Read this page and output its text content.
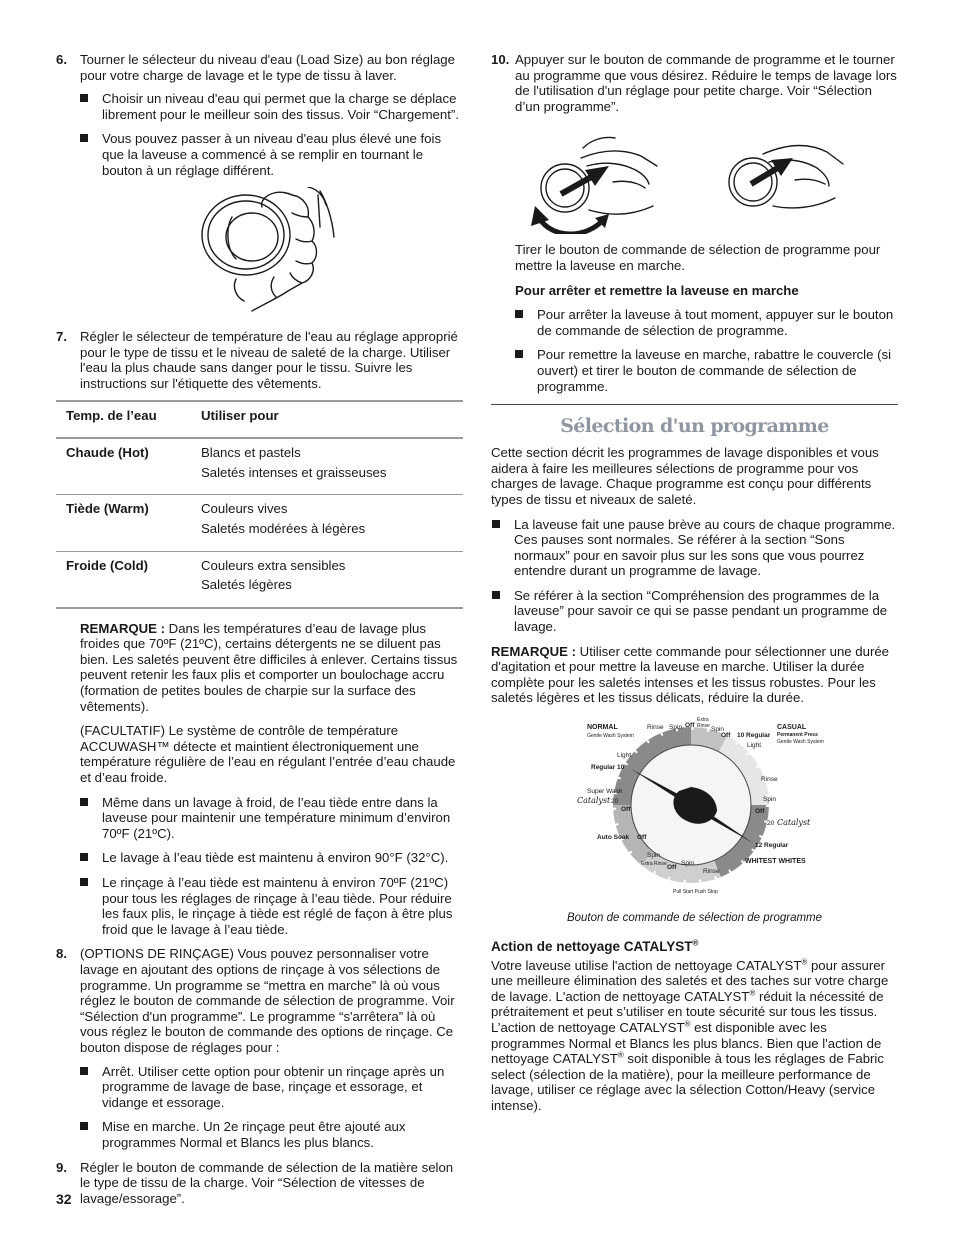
6. Tourner le sélecteur du niveau d'eau (Load Size) au bon réglage pour votre charge de lavage et le type de tissu à laver.

Choisir un niveau d'eau qui permet que la charge se déplace librement pour le meilleur soin des tissus. Voir “Chargement”.

Vous pouvez passer à un niveau d'eau plus élevé une fois que la laveuse a commencé à se remplir en tournant le bouton à un réglage différent.

7. Régler le sélecteur de température de l'eau au réglage approprié pour le type de tissu et le niveau de saleté de la charge. Utiliser l'eau la plus chaude sans danger pour le tissu. Suivre les instructions sur l'étiquette des vêtements.

Temp. de l’eau	Utiliser pour
Chaude (Hot)	Blancs et pastels
Saletés intenses et graisseuses

Tiède (Warm)	Couleurs vives
Saletés modérées à légères

Froide (Cold)	Couleurs extra sensibles
Saletés légères

REMARQUE : Dans les températures d’eau de lavage plus froides que 70ºF (21ºC), certains détergents ne se diluent pas bien. Les saletés peuvent être difficiles à enlever. Certains tissus peuvent retenir les faux plis et comporter un boulochage accru (formation de petites boules de charpie sur la surface des vêtements).

(FACULTATIF) Le système de contrôle de température ACCUWASH™ détecte et maintient électroniquement une température régulière de l’eau en régulant l’entrée d’eau chaude et d’eau froide.

Même dans un lavage à froid, de l’eau tiède entre dans la laveuse pour maintenir une température minimum d’environ 70ºF (21ºC).

Le lavage à l’eau tiède est maintenu à environ 90°F (32°C).

Le rinçage à l’eau tiède est maintenu à environ 70ºF (21ºC) pour tous les réglages de rinçage à l’eau tiède. Pour réduire les faux plis, le rinçage à tiède est réglé de façon à être plus froid que le lavage à l’eau tiède.

8. (OPTIONS DE RINÇAGE) Vous pouvez personnaliser votre lavage en ajoutant des options de rinçage à vos sélections de programme. Un programme se “mettra en marche” là où vous réglez le bouton de commande de sélection de programme. Voir “Sélection d'un programme”. Le programme “s'arrêtera” là où vous réglez le bouton de commande des options de rinçage. Ce bouton dispose de réglages pour :

Arrêt. Utiliser cette option pour obtenir un rinçage après un programme de lavage de base, rinçage et essorage, et vidange et essorage.

Mise en marche. Un 2e rinçage peut être ajouté aux programmes Normal et Blancs les plus blancs.

9. Régler le bouton de commande de sélection de la matière selon le type de tissu de la charge. Voir “Sélection de vitesses de lavage/essorage”.

10. Appuyer sur le bouton de commande de programme et le tourner au programme que vous désirez. Réduire le temps de lavage lors de l'utilisation d'un réglage pour petite charge. Voir “Sélection d’un programme”.

Tirer le bouton de commande de sélection de programme pour mettre la laveuse en marche.

Pour arrêter et remettre la laveuse en marche

Pour arrêter la laveuse à tout moment, appuyer sur le bouton de commande de sélection de programme.

Pour remettre la laveuse en marche, rabattre le couvercle (si ouvert) et tirer le bouton de commande de sélection de programme.

Sélection d'un programme

Cette section décrit les programmes de lavage disponibles et vous aidera à faire les meilleures sélections de programme pour vos charges de lavage. Chaque programme est conçu pour différents types de tissu et niveaux de saleté.

La laveuse fait une pause brève au cours de chaque programme. Ces pauses sont normales. Se référer à la section “Sons normaux” pour en savoir plus sur les sons que vous pourrez entendre durant un programme de lavage.

Se référer à la section “Compréhension des programmes de la laveuse” pour savoir ce qui se passe pendant un programme de lavage.

REMARQUE : Utiliser cette commande pour sélectionner une durée d'agitation et pour mettre la laveuse en marche. Utiliser la durée complète pour les saletés intenses et les tissus robustes. Pour les saletés légères et les tissus délicats, réduire la durée.

NORMAL
Gentle Wash System
Rinse Spin Off
Extra
Rinse Spin
Off 10 Regular
CASUAL
Permanent Press
Gentle Wash System
Light
Light
Regular 10
Super Wash
Catalyst 20
Off
Rinse
Spin
Off
20 Catalyst
Auto Soak Off
12 Regular
Spin
Extra Rinse	WHITEST WHITES
Off
Spin
Rinse
Pull Start Push Stop

Bouton de commande de sélection de programme

Action de nettoyage CATALYST®

Votre laveuse utilise l'action de nettoyage CATALYST® pour assurer une meilleure élimination des saletés et des taches sur votre charge de lavage. L'action de nettoyage CATALYST® réduit la nécessité de prétraitement et peut s’utiliser en toute sécurité sur tous les tissus. L’action de nettoyage CATALYST® est disponible avec les programmes Normal et Blancs les plus blancs. Bien que l'action de nettoyage CATALYST® soit disponible à tous les réglages de Fabric select (sélection de la matière), pour la meilleure performance de lavage, utiliser ce réglage avec la sélection Cotton/Heavy (service intense).

32
